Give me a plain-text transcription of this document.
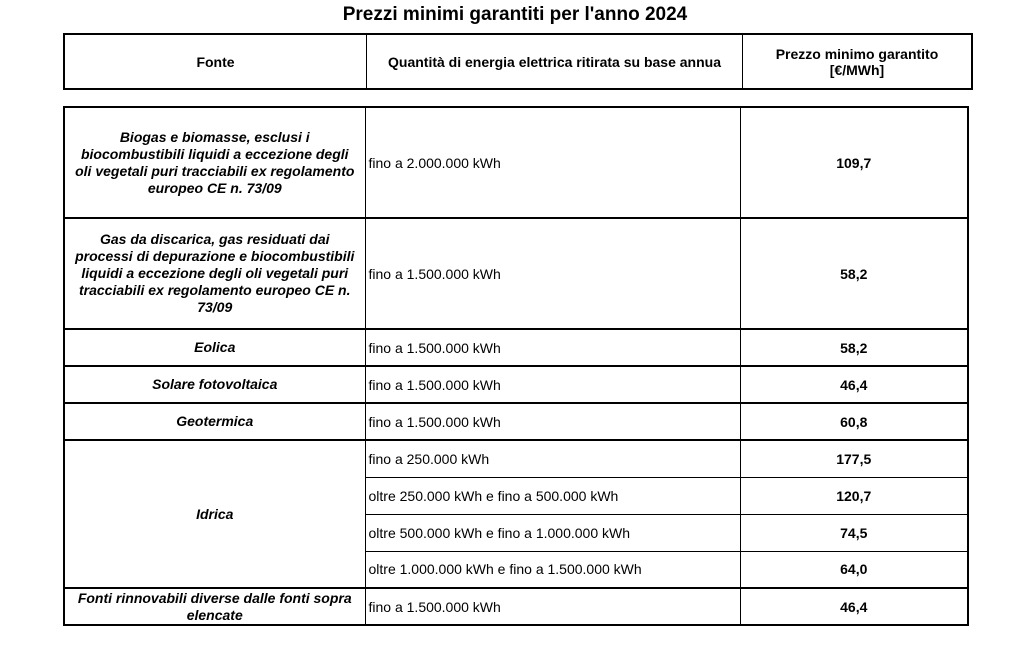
Prezzi minimi garantiti per l'anno 2024
Fonte	Quantità di energia elettrica ritirata su base annua	Prezzo minimo garantito
[€/MWh]
Biogas e biomasse, esclusi i biocombustibili liquidi a eccezione degli oli vegetali puri tracciabili ex regolamento europeo CE n. 73/09	fino a 2.000.000 kWh	109,7
Gas da discarica, gas residuati dai processi di depurazione e biocombustibili liquidi a eccezione degli oli vegetali puri tracciabili ex regolamento europeo CE n. 73/09	fino a 1.500.000 kWh	58,2
Eolica	fino a 1.500.000 kWh	58,2
Solare fotovoltaica	fino a 1.500.000 kWh	46,4
Geotermica	fino a 1.500.000 kWh	60,8
Idrica	fino a 250.000 kWh	177,5
	oltre 250.000 kWh e fino a 500.000 kWh	120,7
	oltre 500.000 kWh e fino a 1.000.000 kWh	74,5
	oltre 1.000.000 kWh e fino a 1.500.000 kWh	64,0
Fonti rinnovabili diverse dalle fonti sopra elencate	fino a 1.500.000 kWh	46,4
